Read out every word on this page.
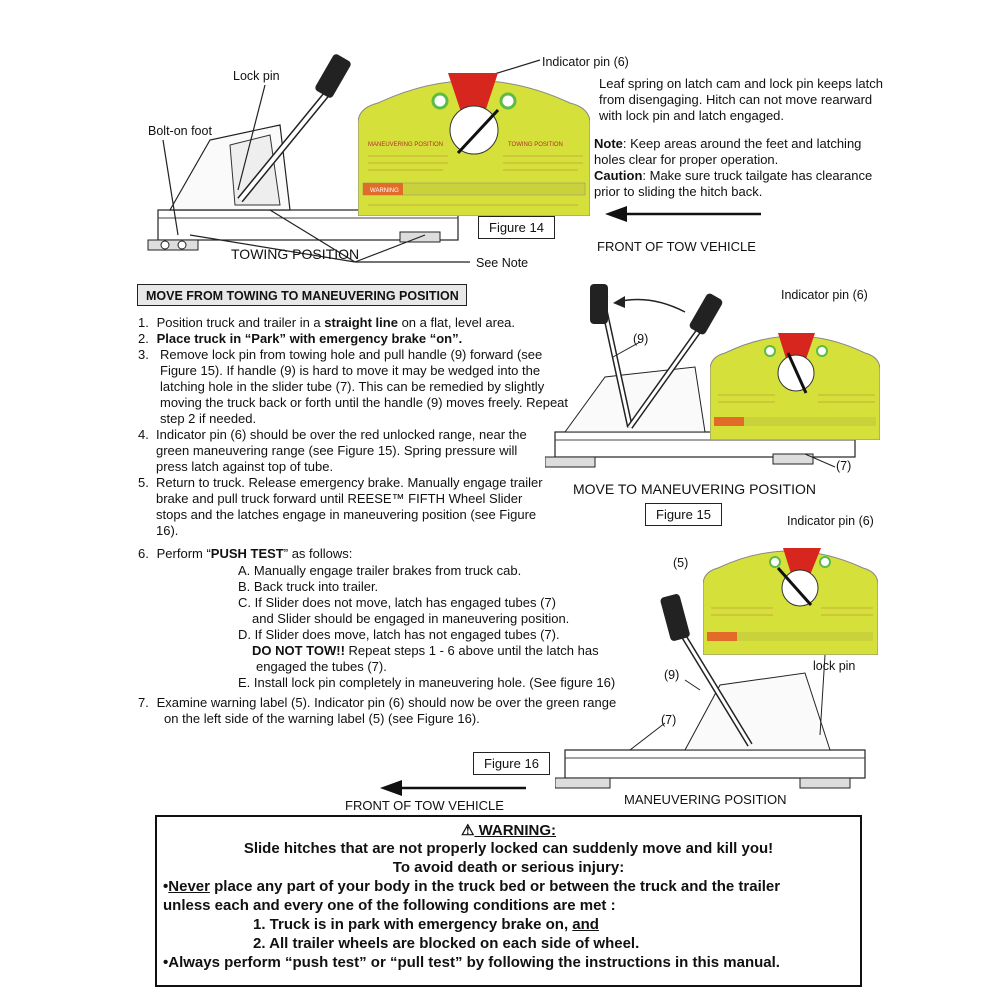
MANEUVERING POSITION	TOWING POSITION
WARNING
Lock pin
Indicator pin (6)
Bolt-on foot
TOWING POSITION
See Note
Figure 14
Leaf spring on latch cam and lock pin keeps latch from disengaging. Hitch can not move rearward with lock pin and latch engaged.
Note: Keep areas around the feet and latching holes clear for proper operation.
Caution: Make sure truck tailgate has clearance prior to sliding the hitch back.
FRONT OF TOW VEHICLE
MOVE FROM TOWING TO MANEUVERING POSITION
1. Position truck and trailer in a straight line on a flat, level area.
2. Place truck in “Park” with emergency brake “on”.
3. Remove lock pin from towing hole and pull handle (9) forward (see Figure 15). If handle (9) is hard to move it may be wedged into the latching hole in the slider tube (7). This can be remedied by slightly moving the truck back or forth until the handle (9) moves freely. Repeat step 2 if needed.
4. Indicator pin (6) should be over the red unlocked range, near the green maneuvering range (see Figure 15). Spring pressure will press latch against top of tube.
5. Return to truck. Release emergency brake. Manually engage trailer brake and pull truck forward until REESE™ FIFTH Wheel Slider stops and the latches engage in maneuvering position (see Figure 16).
(9)
Indicator pin (6)
(7)
MOVE TO MANEUVERING POSITION
Figure 15
6. Perform “PUSH TEST” as follows:
A. Manually engage trailer brakes from truck cab.
B. Back truck into trailer.
C. If Slider does not move, latch has engaged tubes (7)
and Slider should be engaged in maneuvering position.
D. If Slider does move, latch has not engaged tubes (7).
DO NOT TOW!! Repeat steps 1 - 6 above until the latch has
engaged the tubes (7).
E. Install lock pin completely in maneuvering hole. (See figure 16)
7. Examine warning label (5). Indicator pin (6) should now be over the green range
on the left side of the warning label (5) (see Figure 16).
Indicator pin (6)
(5)
lock pin
(9)
(7)
Figure 16
FRONT OF TOW VEHICLE	MANEUVERING POSITION
⚠ WARNING:
Slide hitches that are not properly locked can suddenly move and kill you!
To avoid death or serious injury:
•Never place any part of your body in the truck bed or between the truck and the trailer
unless each and every one of the following conditions are met :
1. Truck is in park with emergency brake on, and
2. All trailer wheels are blocked on each side of wheel.
•Always perform “push test” or “pull test” by following the instructions in this manual.
